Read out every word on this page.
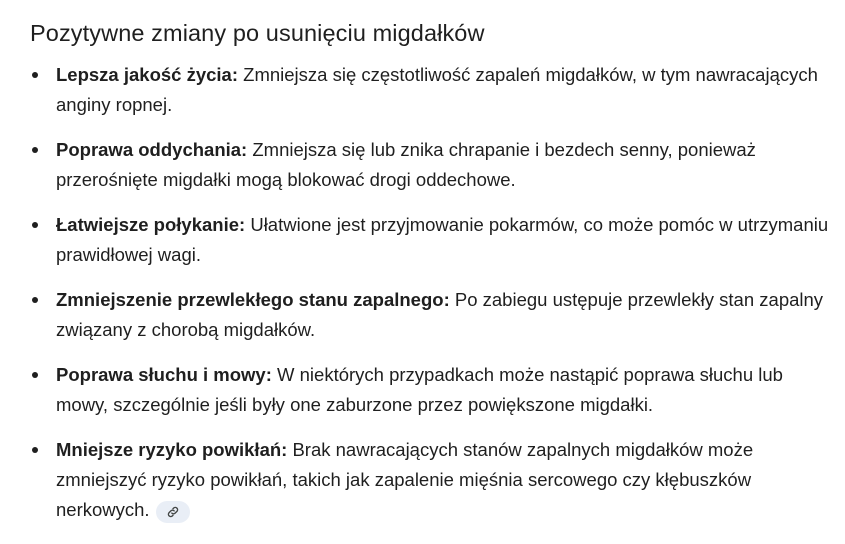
Pozytywne zmiany po usunięciu migdałków
Lepsza jakość życia: Zmniejsza się częstotliwość zapaleń migdałków, w tym nawracających anginy ropnej.
Poprawa oddychania: Zmniejsza się lub znika chrapanie i bezdech senny, ponieważ przerośnięte migdałki mogą blokować drogi oddechowe.
Łatwiejsze połykanie: Ułatwione jest przyjmowanie pokarmów, co może pomóc w utrzymaniu prawidłowej wagi.
Zmniejszenie przewlekłego stanu zapalnego: Po zabiegu ustępuje przewlekły stan zapalny związany z chorobą migdałków.
Poprawa słuchu i mowy: W niektórych przypadkach może nastąpić poprawa słuchu lub mowy, szczególnie jeśli były one zaburzone przez powiększone migdałki.
Mniejsze ryzyko powikłań: Brak nawracających stanów zapalnych migdałków może zmniejszyć ryzyko powikłań, takich jak zapalenie mięśnia sercowego czy kłębuszków nerkowych.
